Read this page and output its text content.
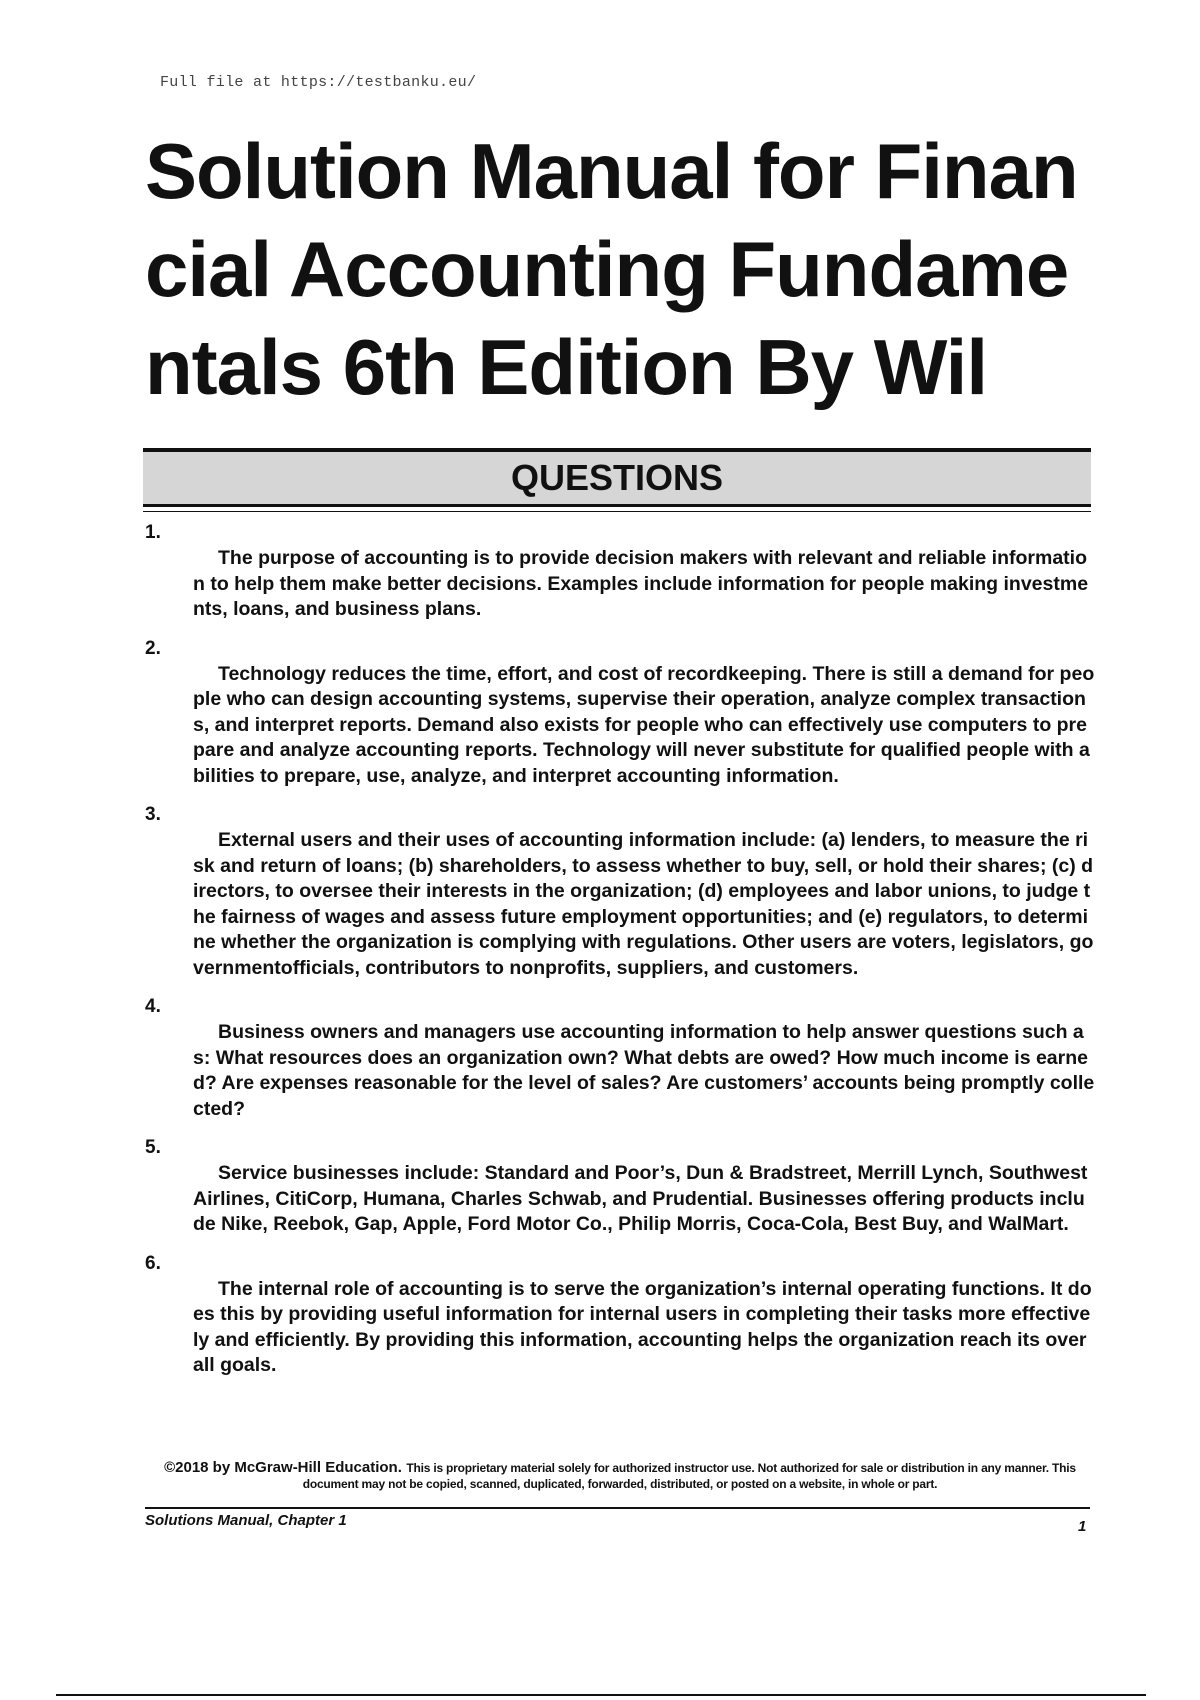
Full file at https://testbanku.eu/
Solution Manual for Financial Accounting Fundamentals 6th Edition By Wil
QUESTIONS
1.

The purpose of accounting is to provide decision makers with relevant and reliable information to help them make better decisions. Examples include information for people making investments, loans, and business plans.

2.

Technology reduces the time, effort, and cost of recordkeeping. There is still a demand for people who can design accounting systems, supervise their operation, analyze complex transactions, and interpret reports. Demand also exists for people who can effectively use computers to prepare and analyze accounting reports. Technology will never substitute for qualified people with abilities to prepare, use, analyze, and interpret accounting information.

3.

External users and their uses of accounting information include: (a) lenders, to measure the risk and return of loans; (b) shareholders, to assess whether to buy, sell, or hold their shares; (c) directors, to oversee their interests in the organization; (d) employees and labor unions, to judge the fairness of wages and assess future employment opportunities; and (e) regulators, to determine whether the organization is complying with regulations. Other users are voters, legislators, governmentofficials, contributors to nonprofits, suppliers, and customers.

4.

Business owners and managers use accounting information to help answer questions such as: What resources does an organization own? What debts are owed? How much income is earned? Are expenses reasonable for the level of sales? Are customers’ accounts being promptly collected?

5.

Service businesses include: Standard and Poor’s, Dun & Bradstreet, Merrill Lynch, Southwest Airlines, CitiCorp, Humana, Charles Schwab, and Prudential. Businesses offering products include Nike, Reebok, Gap, Apple, Ford Motor Co., Philip Morris, Coca-Cola, Best Buy, and WalMart.

6.

The internal role of accounting is to serve the organization’s internal operating functions. It does this by providing useful information for internal users in completing their tasks more effectively and efficiently. By providing this information, accounting helps the organization reach its overall goals.

©2018 by McGraw-Hill Education. This is proprietary material solely for authorized instructor use. Not authorized for sale or distribution in any manner. This document may not be copied, scanned, duplicated, forwarded, distributed, or posted on a website, in whole or part.
Solutions Manual, Chapter 1	1
